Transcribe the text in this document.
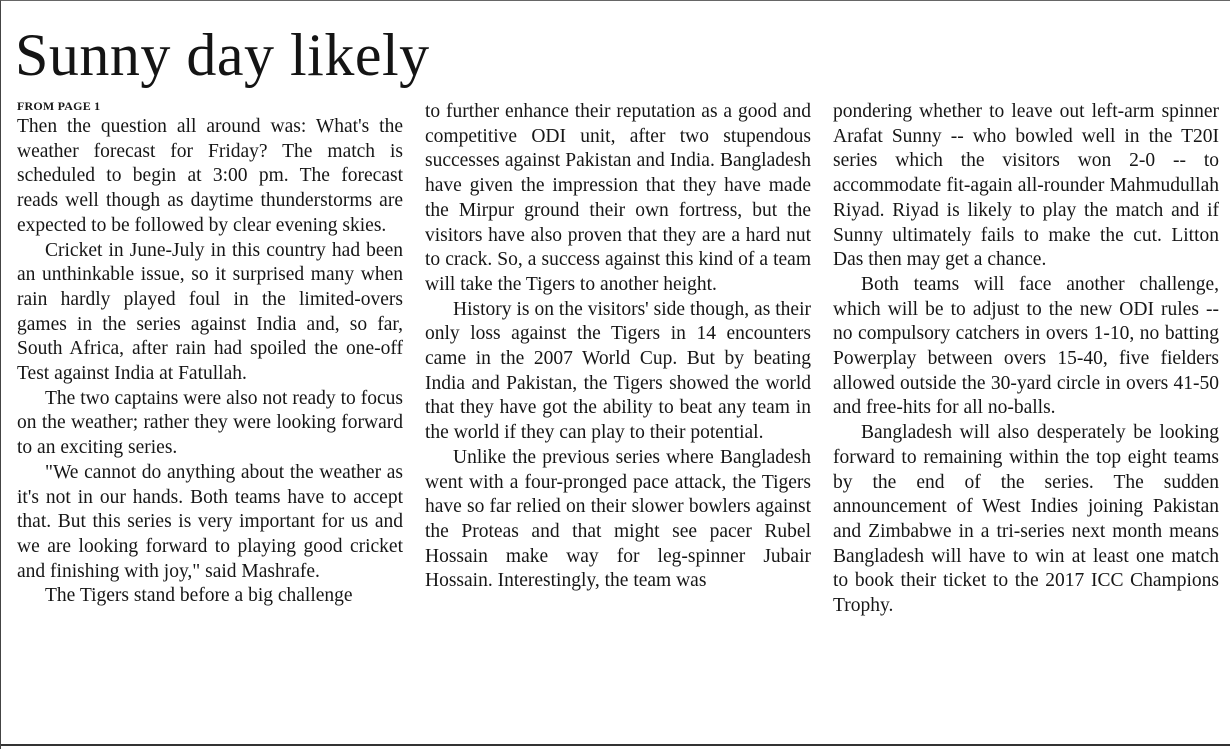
Sunny day likely
FROM PAGE 1

Then the question all around was: What's the weather forecast for Friday? The match is scheduled to begin at 3:00 pm. The forecast reads well though as daytime thunderstorms are expected to be followed by clear evening skies.

Cricket in June-July in this country had been an unthinkable issue, so it surprised many when rain hardly played foul in the limited-overs games in the series against India and, so far, South Africa, after rain had spoiled the one-off Test against India at Fatullah.

The two captains were also not ready to focus on the weather; rather they were looking forward to an exciting series.

"We cannot do anything about the weather as it's not in our hands. Both teams have to accept that. But this series is very important for us and we are looking forward to playing good cricket and finishing with joy," said Mashrafe.

The Tigers stand before a big challenge

to further enhance their reputation as a good and competitive ODI unit, after two stupendous successes against Pakistan and India. Bangladesh have given the impression that they have made the Mirpur ground their own fortress, but the visitors have also proven that they are a hard nut to crack. So, a success against this kind of a team will take the Tigers to another height.

History is on the visitors' side though, as their only loss against the Tigers in 14 encounters came in the 2007 World Cup. But by beating India and Pakistan, the Tigers showed the world that they have got the ability to beat any team in the world if they can play to their potential.

Unlike the previous series where Bangladesh went with a four-pronged pace attack, the Tigers have so far relied on their slower bowlers against the Proteas and that might see pacer Rubel Hossain make way for leg-spinner Jubair Hossain. Interestingly, the team was

pondering whether to leave out left-arm spinner Arafat Sunny -- who bowled well in the T20I series which the visitors won 2-0 -- to accommodate fit-again all-rounder Mahmudullah Riyad. Riyad is likely to play the match and if Sunny ultimately fails to make the cut. Litton Das then may get a chance.

Both teams will face another challenge, which will be to adjust to the new ODI rules -- no compulsory catchers in overs 1-10, no batting Powerplay between overs 15-40, five fielders allowed outside the 30-yard circle in overs 41-50 and free-hits for all no-balls.

Bangladesh will also desperately be looking forward to remaining within the top eight teams by the end of the series. The sudden announcement of West Indies joining Pakistan and Zimbabwe in a tri-series next month means Bangladesh will have to win at least one match to book their ticket to the 2017 ICC Champions Trophy.
